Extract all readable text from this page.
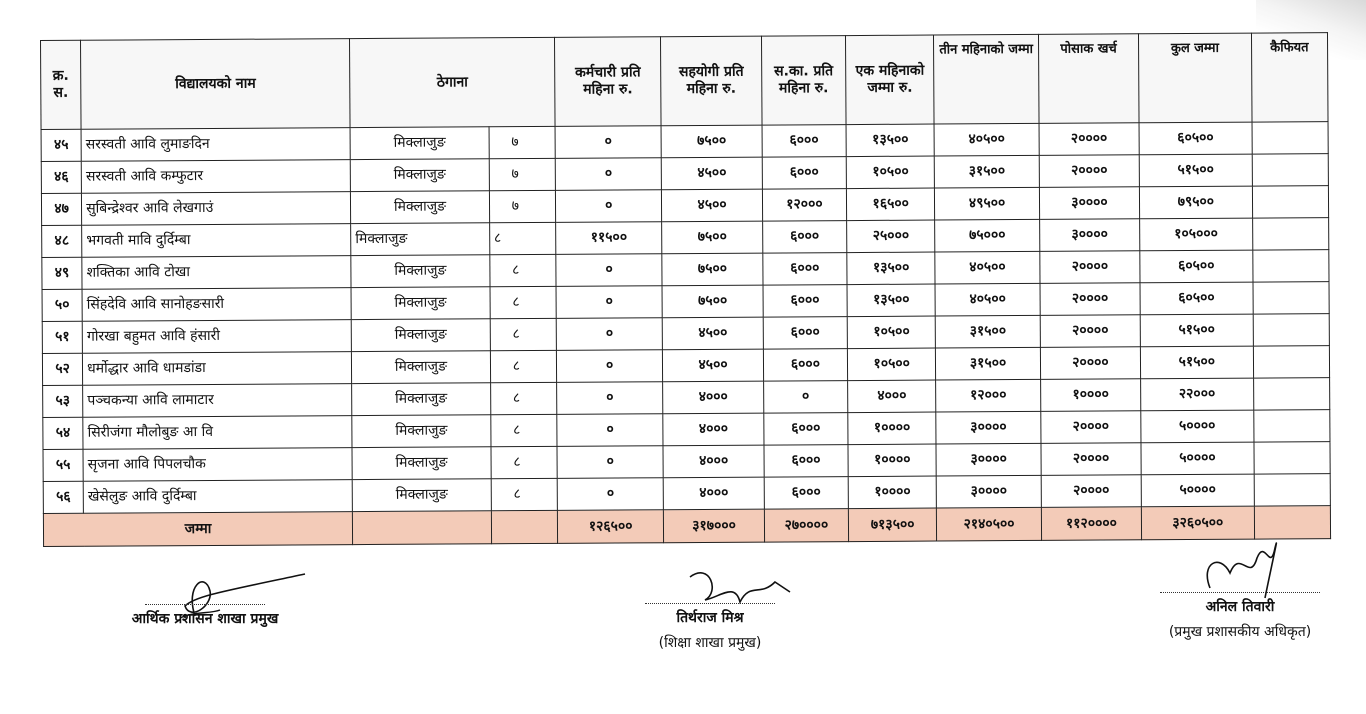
क्र. स.	विद्यालयको नाम	ठेगाना		कर्मचारी प्रति महिना रु.	सहयोगी प्रति महिना रु.	स.का. प्रति महिना रु.	एक महिनाको जम्मा रु.	तीन महिनाको जम्मा	पोसाक खर्च	कुल जम्मा	कैफियत
४५	सरस्वती आवि लुमाङदिन	मिक्लाजुङ	७	०	७५००	६०००	१३५००	४०५००	२००००	६०५००	
४६	सरस्वती आवि कम्फुटार	मिक्लाजुङ	७	०	४५००	६०००	१०५००	३१५००	२००००	५१५००	
४७	सुबिन्द्रेश्वर आवि लेखगाउं	मिक्लाजुङ	७	०	४५००	१२०००	१६५००	४९५००	३००००	७९५००	
४८	भगवती मावि दुर्दिम्बा	मिक्लाजुङ	८	११५००	७५००	६०००	२५०००	७५०००	३००००	१०५०००	
४९	शक्तिका आवि टोखा	मिक्लाजुङ	८	०	७५००	६०००	१३५००	४०५००	२००००	६०५००	
५०	सिंहदेवि आवि सानोहङसारी	मिक्लाजुङ	८	०	७५००	६०००	१३५००	४०५००	२००००	६०५००	
५१	गोरखा बहुमत आवि हंसारी	मिक्लाजुङ	८	०	४५००	६०००	१०५००	३१५००	२००००	५१५००	
५२	धर्मोद्धार आवि धामडांडा	मिक्लाजुङ	८	०	४५००	६०००	१०५००	३१५००	२००००	५१५००	
५३	पञ्चकन्या आवि लामाटार	मिक्लाजुङ	८	०	४०००	०	४०००	१२०००	१००००	२२०००	
५४	सिरीजंगा मौलोबुङ आ वि	मिक्लाजुङ	८	०	४०००	६०००	१००००	३००००	२००००	५००००	
५५	सृजना आवि पिपलचौक	मिक्लाजुङ	८	०	४०००	६०००	१००००	३००००	२००००	५००००	
५६	खेसेलुङ आवि दुर्दिम्बा	मिक्लाजुङ	८	०	४०००	६०००	१००००	३००००	२००००	५००००	
जम्मा				१२६५००	३१७०००	२७००००	७१३५००	२१४०५००	११२००००	३२६०५००	
आर्थिक प्रशासन शाखा प्रमुख	तिर्थराज मिश्र
(शिक्षा शाखा प्रमुख)
अनिल तिवारी
(प्रमुख प्रशासकीय अधिकृत)
